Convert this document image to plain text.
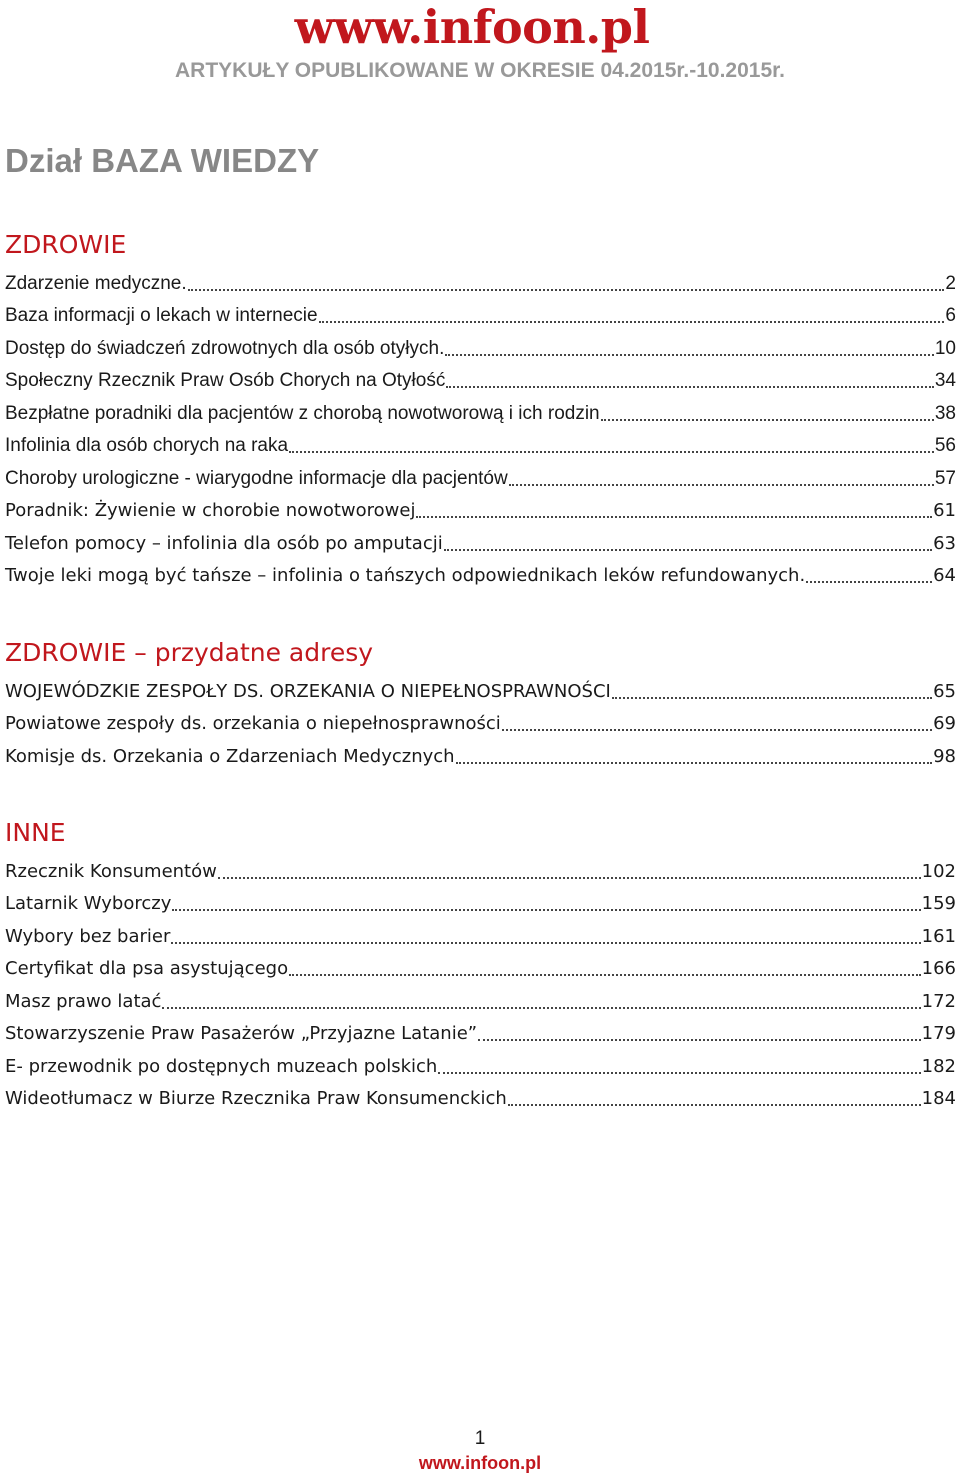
www.infoon.pl
ARTYKUŁY OPUBLIKOWANE W OKRESIE 04.2015r.-10.2015r.
Dział BAZA WIEDZY
ZDROWIE
Zdarzenie medyczne.	2
Baza informacji o lekach w internecie	6
Dostęp do świadczeń zdrowotnych dla osób otyłych.	10
Społeczny Rzecznik Praw Osób Chorych na Otyłość	34
Bezpłatne poradniki dla pacjentów z chorobą nowotworową i ich rodzin	38
Infolinia dla osób chorych na raka	56
Choroby urologiczne - wiarygodne informacje dla pacjentów	57
Poradnik: Żywienie w chorobie nowotworowej	61
Telefon pomocy – infolinia dla osób po amputacji	63
Twoje leki mogą być tańsze – infolinia o tańszych odpowiednikach leków refundowanych.	64
ZDROWIE – przydatne adresy
WOJEWÓDZKIE ZESPOŁY DS. ORZEKANIA O NIEPEŁNOSPRAWNOŚCI	65
Powiatowe zespoły ds. orzekania o niepełnosprawności	69
Komisje ds. Orzekania o Zdarzeniach Medycznych	98
INNE
Rzecznik Konsumentów	102
Latarnik Wyborczy	159
Wybory bez barier	161
Certyfikat dla psa asystującego	166
Masz prawo latać	172
Stowarzyszenie Praw Pasażerów „Przyjazne Latanie”	179
E- przewodnik po dostępnych muzeach polskich	182
Wideotłumacz w Biurze Rzecznika Praw Konsumenckich	184
1
www.infoon.pl
